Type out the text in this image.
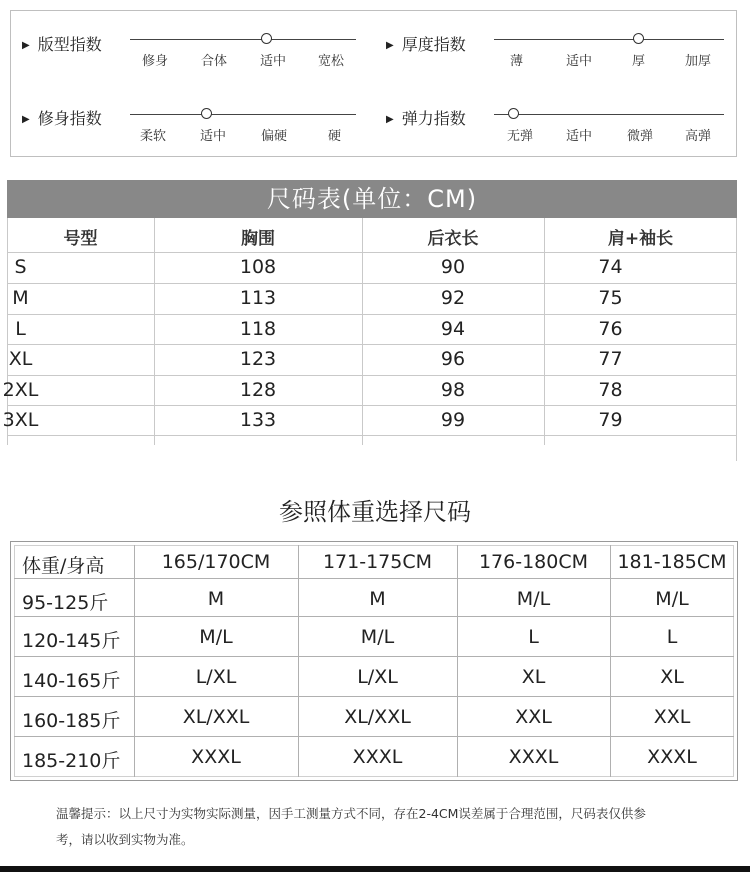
▶ 版型指数
修身	合体	适中 宽松
▶ 厚度指数
薄	适中	厚	加厚
▶ 修身指数
柔软	适中	偏硬	硬
▶ 弹力指数
无弹	适中	微弹 高弹
尺码表(单位：CM)
号型	胸围	后衣长	肩+袖长
S	108	90	74
M	113	92	75
L	118	94	76
XL	123	96	77
2XL	128	98	78
3XL	133	99	79
参照体重选择尺码
体重/身高	165/170CM	171-175CM	176-180CM	181-185CM
95-125斤	M	M	M/L	M/L
120-145斤	M/L	M/L	L	L
140-165斤	L/XL	L/XL	XL	XL
160-185斤	XL/XXL	XL/XXL	XXL	XXL
185-210斤	XXXL	XXXL	XXXL	XXXL
温馨提示：以上尺寸为实物实际测量，因手工测量方式不同，存在2-4CM误差属于合理范围，尺码表仅供参
考，请以收到实物为准。
